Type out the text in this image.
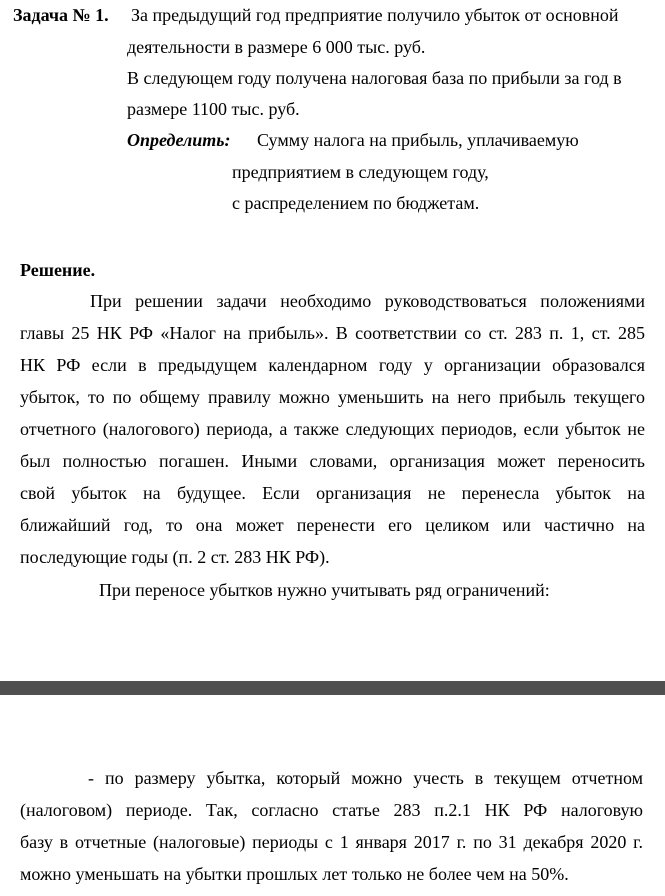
Задача № 1. За предыдущий год предприятие получило убыток от основной
деятельности в размере 6 000 тыс. руб.
В следующем году получена налоговая база по прибыли за год в
размере 1100 тыс. руб.
Определить: Сумму налога на прибыль, уплачиваемую
предприятием в следующем году,
с распределением по бюджетам.
Решение.
При решении задачи необходимо руководствоваться положениями
главы 25 НК РФ «Налог на прибыль». В соответствии со ст. 283 п. 1, ст. 285
НК РФ если в предыдущем календарном году у организации образовался
убыток, то по общему правилу можно уменьшить на него прибыль текущего
отчетного (налогового) периода, а также следующих периодов, если убыток не
был полностью погашен. Иными словами, организация может переносить
свой убыток на будущее. Если организация не перенесла убыток на
ближайший год, то она может перенести его целиком или частично на
последующие годы (п. 2 ст. 283 НК РФ).
При переносе убытков нужно учитывать ряд ограничений:
- по размеру убытка, который можно учесть в текущем отчетном
(налоговом) периоде. Так, согласно статье 283 п.2.1 НК РФ налоговую
базу в отчетные (налоговые) периоды с 1 января 2017 г. по 31 декабря 2020 г.
можно уменьшать на убытки прошлых лет только не более чем на 50%.
